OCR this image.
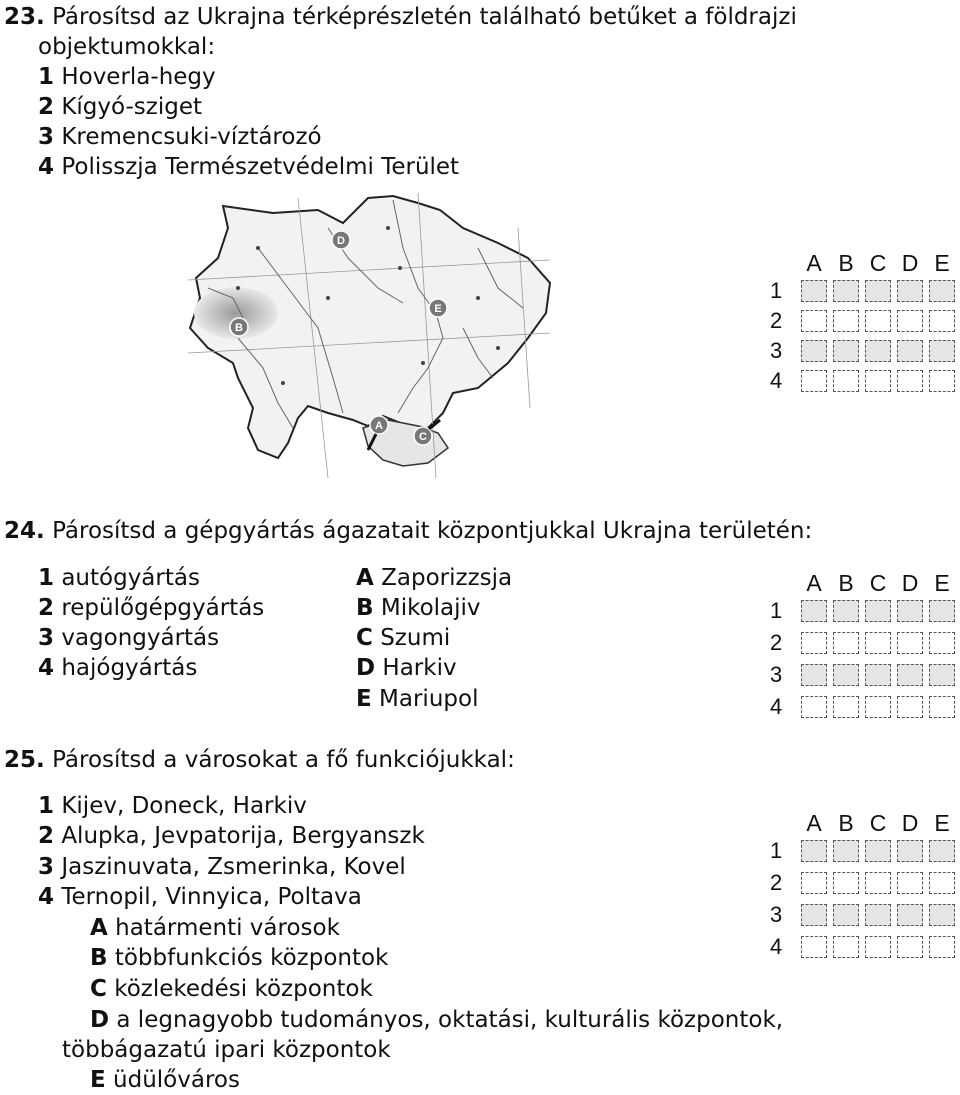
23. Párosítsd az Ukrajna térképrészletén található betűket a földrajzi
objektumokkal:
1 Hoverla-hegy
2 Kígyó-sziget
3 Kremencsuki-víztározó
4 Polisszja Természetvédelmi Terület
D
E
B
A
C
A B C D E
1
2
3
4
24. Párosítsd a gépgyártás ágazatait központjukkal Ukrajna területén:
1 autógyártás
2 repülőgépgyártás
3 vagongyártás
4 hajógyártás
A Zaporizzsja
B Mikolajiv
C Szumi
D Harkiv
E Mariupol
A B C D E
1
2
3
4
25. Párosítsd a városokat a fő funkciójukkal:
1 Kijev, Doneck, Harkiv
2 Alupka, Jevpatorija, Bergyanszk
3 Jaszinuvata, Zsmerinka, Kovel
4 Ternopil, Vinnyica, Poltava
A határmenti városok
B többfunkciós központok
C közlekedési központok
D a legnagyobb tudományos, oktatási, kulturális központok,
többágazatú ipari központok
E üdülőváros
A B C D E
1
2
3
4
